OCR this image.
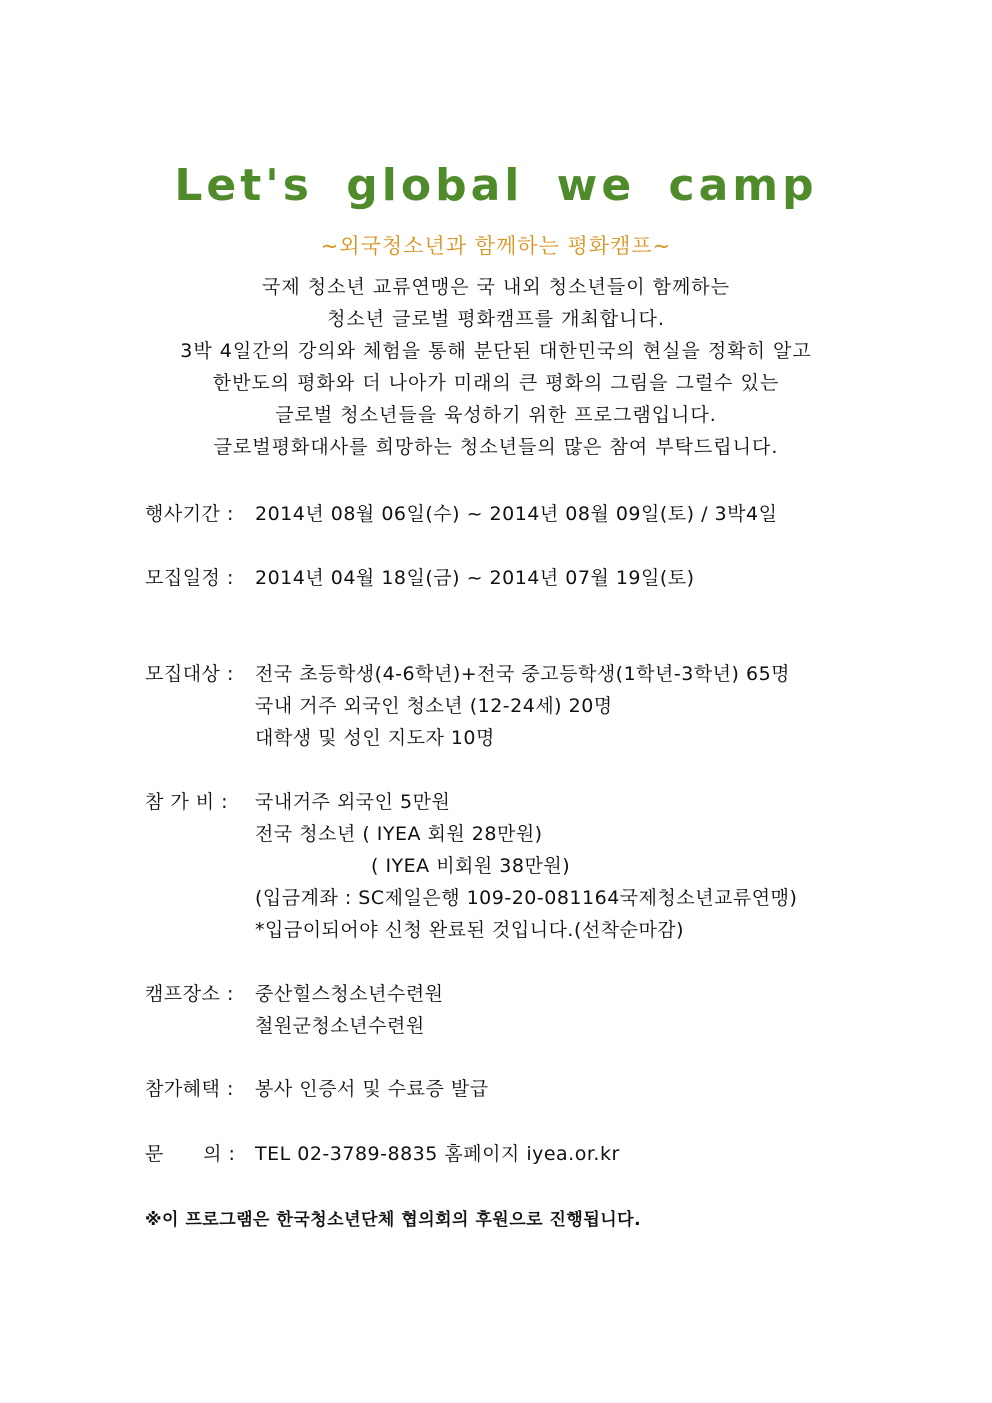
Let's global we camp
~외국청소년과 함께하는 평화캠프~
국제 청소년 교류연맹은 국 내외 청소년들이 함께하는
청소년 글로벌 평화캠프를 개최합니다.
3박 4일간의 강의와 체험을 통해 분단된 대한민국의 현실을 정확히 알고
한반도의 평화와 더 나아가 미래의 큰 평화의 그림을 그럴수 있는
글로벌 청소년들을 육성하기 위한 프로그램입니다.
글로벌평화대사를 희망하는 청소년들의 많은 참여 부탁드립니다.
행사기간 : 2014년 08월 06일(수) ~ 2014년 08월 09일(토) / 3박4일
모집일정 : 2014년 04월 18일(금) ~ 2014년 07월 19일(토)
모집대상 : 전국 초등학생(4-6학년)+전국 중고등학생(1학년-3학년) 65명
국내 거주 외국인 청소년 (12-24세) 20명
대학생 및 성인 지도자 10명
참 가 비 : 국내거주 외국인 5만원
전국 청소년 ( IYEA 회원 28만원)
( IYEA 비회원 38만원)
(입금계좌 : SC제일은행 109-20-081164국제청소년교류연맹)
*입금이되어야 신청 완료된 것입니다.(선착순마감)
캠프장소 : 중산힐스청소년수련원
철원군청소년수련원
참가혜택 : 봉사 인증서 및 수료증 발급
문      의 : TEL 02-3789-8835 홈페이지 iyea.or.kr
※이 프로그램은 한국청소년단체 협의회의 후원으로 진행됩니다.
